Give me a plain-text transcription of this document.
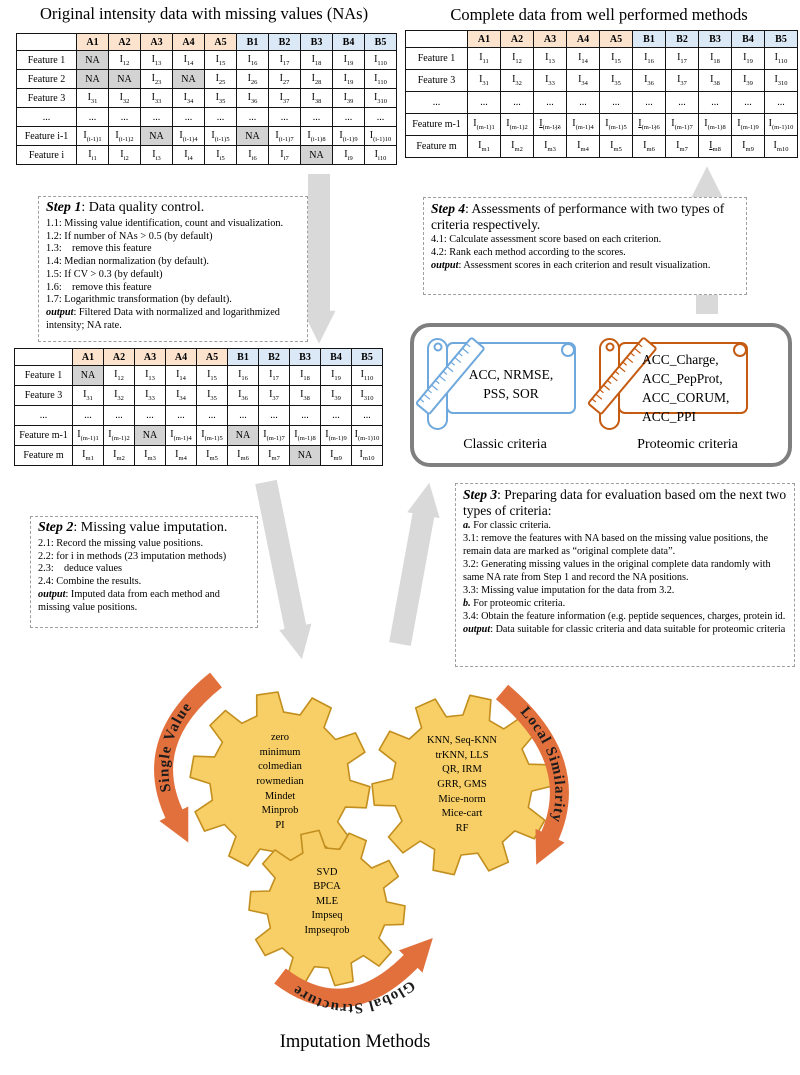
Single Value	Local Similarity
Global Structure
Original intensity data with missing values (NAs)	Complete data from well performed methods
Imputation Methods
	A1	A2	A3	A4	A5	B1	B2	B3	B4	B5
Feature 1	NA	$I_{12}$	$I_{13}$	$I_{14}$	$I_{15}$	$I_{16}$	$I_{17}$	$I_{18}$	$I_{19}$	$I_{110}$
Feature 2	NA	NA	$I_{23}$	NA	$I_{25}$	$I_{26}$	$I_{27}$	$I_{28}$	$I_{19}$	$I_{110}$
Feature 3	$I_{31}$	$I_{32}$	$I_{33}$	$I_{34}$	$I_{35}$	$I_{36}$	$I_{37}$	$I_{38}$	$I_{39}$	$I_{310}$
...	...	...	...	...	...	...	...	...	...	...
Feature i-1	$I_{(i-1)1}$	$I_{(i-1)2}$	NA	$I_{(i-1)4}$	$I_{(i-1)5}$	NA	$I_{(i-1)7}$	$I_{(i-1)8}$	$I_{(i-1)9}$	$I_{(i-1)10}$
Feature i	$I_{i1}$	$I_{i2}$	$I_{i3}$	$I_{i4}$	$I_{i5}$	$I_{i6}$	$I_{i7}$	NA	$I_{i9}$	$I_{i10}$
	A1	A2	A3	A4	A5	B1	B2	B3	B4	B5
Feature 1	$I_{11}$	$I_{12}$	$I_{13}$	$I_{14}$	$I_{15}$	$I_{16}$	$I_{17}$	$I_{18}$	$I_{19}$	$I_{110}$
Feature 3	$I_{31}$	$I_{32}$	$I_{33}$	$I_{34}$	$I_{35}$	$I_{36}$	$I_{37}$	$I_{38}$	$I_{39}$	$I_{310}$
...	...	...	...	...	...	...	...	...	...	...
Feature m-1	$I_{(m-1)1}$	$I_{(m-1)2}$	$I_{(m-1)3}$	$I_{(m-1)4}$	$I_{(m-1)5}$	$I_{(m-1)6}$	$I_{(m-1)7}$	$I_{(m-1)8}$	$I_{(m-1)9}$	$I_{(m-1)10}$
Feature m	$I_{m1}$	$I_{m2}$	$I_{m3}$	$I_{m4}$	$I_{m5}$	$I_{m6}$	$I_{m7}$	$I_{m8}$	$I_{m9}$	$I_{m10}$
	A1	A2	A3	A4	A5	B1	B2	B3	B4	B5
Feature 1	NA	$I_{12}$	$I_{13}$	$I_{14}$	$I_{15}$	$I_{16}$	$I_{17}$	$I_{18}$	$I_{19}$	$I_{110}$
Feature 3	$I_{31}$	$I_{32}$	$I_{33}$	$I_{34}$	$I_{35}$	$I_{36}$	$I_{37}$	$I_{38}$	$I_{39}$	$I_{310}$
...	...	...	...	...	...	...	...	...	...	...
Feature m-1	$I_{(m-1)1}$	$I_{(m-1)2}$	NA	$I_{(m-1)4}$	$I_{(m-1)5}$	NA	$I_{(m-1)7}$	$I_{(m-1)8}$	$I_{(m-1)9}$	$I_{(m-1)10}$
Feature m	$I_{m1}$	$I_{m2}$	$I_{m3}$	$I_{m4}$	$I_{m5}$	$I_{m6}$	$I_{m7}$	NA	$I_{m9}$	$I_{m10}$
Step 1: Data quality control.
1.1: Missing value identification, count and visualization.
1.2: If number of NAs > 0.5 (by default)
1.3:    remove this feature
1.4: Median normalization (by default).
1.5: If CV > 0.3 (by default)
1.6:    remove this feature
1.7: Logarithmic transformation (by default).
output: Filtered Data with normalized and logarithmized intensity; NA rate.
Step 2: Missing value imputation.
2.1: Record the missing value positions.
2.2: for i in methods (23 imputation methods)
2.3:    deduce values
2.4: Combine the results.
output: Imputed data from each method and missing value positions.
Step 3: Preparing data for evaluation based om the next two types of criteria:
a. For classic criteria.
3.1: remove the features with NA based on the missing value positions, the remain data are marked as “original complete data”.
3.2: Generating missing values in the original complete data randomly with same NA rate from Step 1 and record the NA positions.
3.3: Missing value imputation for the data from 3.2.
b. For proteomic criteria.
3.4: Obtain the feature information (e.g. peptide sequences, charges, protein id.
output: Data suitable for classic criteria and data suitable for proteomic criteria
Step 4: Assessments of performance with two types of criteria respectively.
4.1: Calculate assessment score based on each criterion.
4.2: Rank each method according to the scores.
output: Assessment scores in each criterion and result visualization.
ACC, NRMSE,
PSS, SOR
ACC_Charge,
ACC_PepProt,
ACC_CORUM,
ACC_PPI
Classic criteria	Proteomic criteria
zero
minimum
colmedian
rowmedian
Mindet
Minprob
PI
KNN, Seq-KNN
trKNN, LLS
QR, IRM
GRR, GMS
Mice-norm
Mice-cart
RF
SVD
BPCA
MLE
Impseq
Impseqrob
